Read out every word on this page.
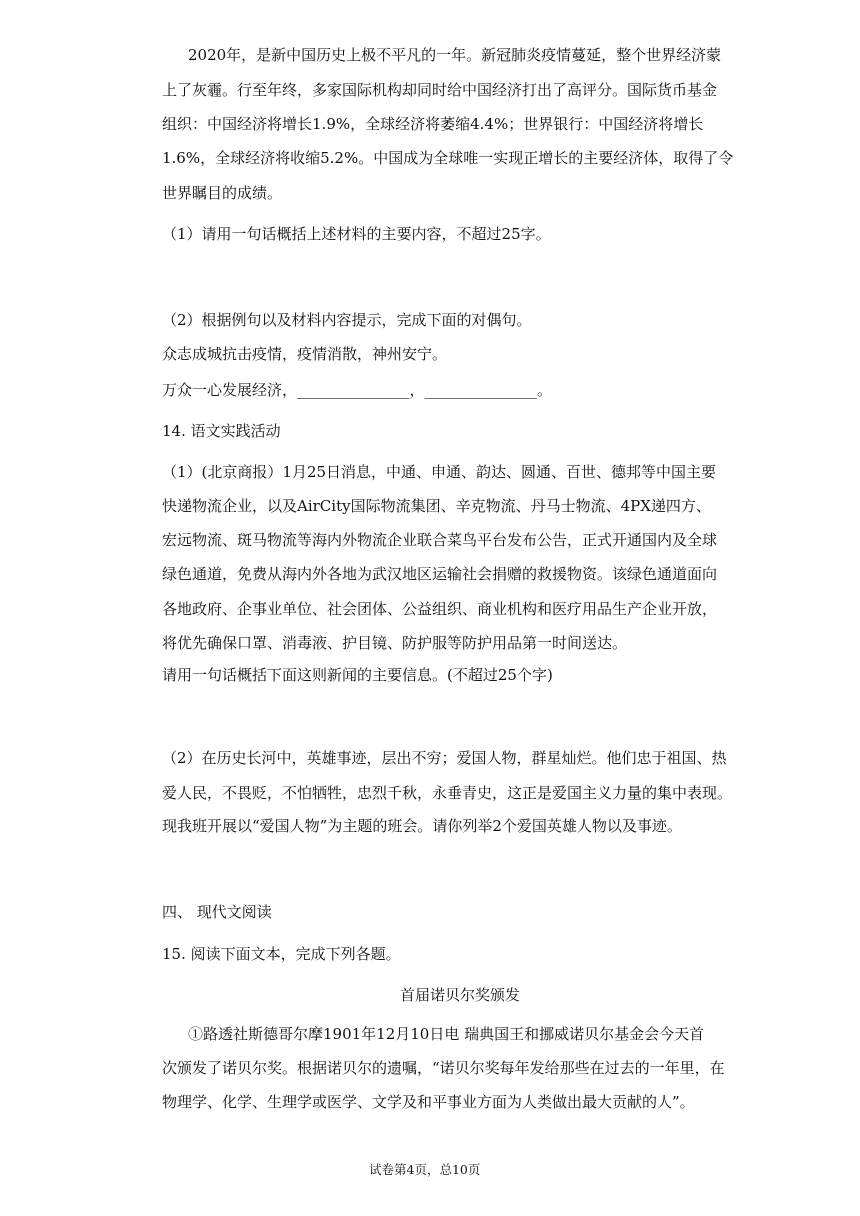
2020年，是新中国历史上极不平凡的一年。新冠肺炎疫情蔓延，整个世界经济蒙
上了灰霾。行至年终，多家国际机构却同时给中国经济打出了高评分。国际货币基金
组织：中国经济将增长1.9%，全球经济将萎缩4.4%；世界银行：中国经济将增长
1.6%，全球经济将收缩5.2%。中国成为全球唯一实现正增长的主要经济体，取得了令
世界瞩目的成绩。
（1）请用一句话概括上述材料的主要内容，不超过25字。
（2）根据例句以及材料内容提示，完成下面的对偶句。
众志成城抗击疫情，疫情消散，神州安宁。
万众一心发展经济，_______________，_______________。
14. 语文实践活动
（1）(北京商报）1月25日消息，中通、申通、韵达、圆通、百世、德邦等中国主要
快递物流企业，以及AirCity国际物流集团、辛克物流、丹马士物流、4PX递四方、
宏远物流、斑马物流等海内外物流企业联合菜鸟平台发布公告，正式开通国内及全球
绿色通道，免费从海内外各地为武汉地区运输社会捐赠的救援物资。该绿色通道面向
各地政府、企事业单位、社会团体、公益组织、商业机构和医疗用品生产企业开放，
将优先确保口罩、消毒液、护目镜、防护服等防护用品第一时间送达。
请用一句话概括下面这则新闻的主要信息。(不超过25个字)
（2）在历史长河中，英雄事迹，层出不穷；爱国人物，群星灿烂。他们忠于祖国、热
爱人民，不畏贬，不怕牺牲，忠烈千秋，永垂青史，这正是爱国主义力量的集中表现。
现我班开展以“爱国人物”为主题的班会。请你列举2个爱国英雄人物以及事迹。
四、 现代文阅读
15. 阅读下面文本，完成下列各题。
首届诺贝尔奖颁发
①路透社斯德哥尔摩1901年12月10日电 瑞典国王和挪威诺贝尔基金会今天首
次颁发了诺贝尔奖。根据诺贝尔的遗嘱，“诺贝尔奖每年发给那些在过去的一年里，在
物理学、化学、生理学或医学、文学及和平事业方面为人类做出最大贡献的人”。
试卷第4页，总10页
